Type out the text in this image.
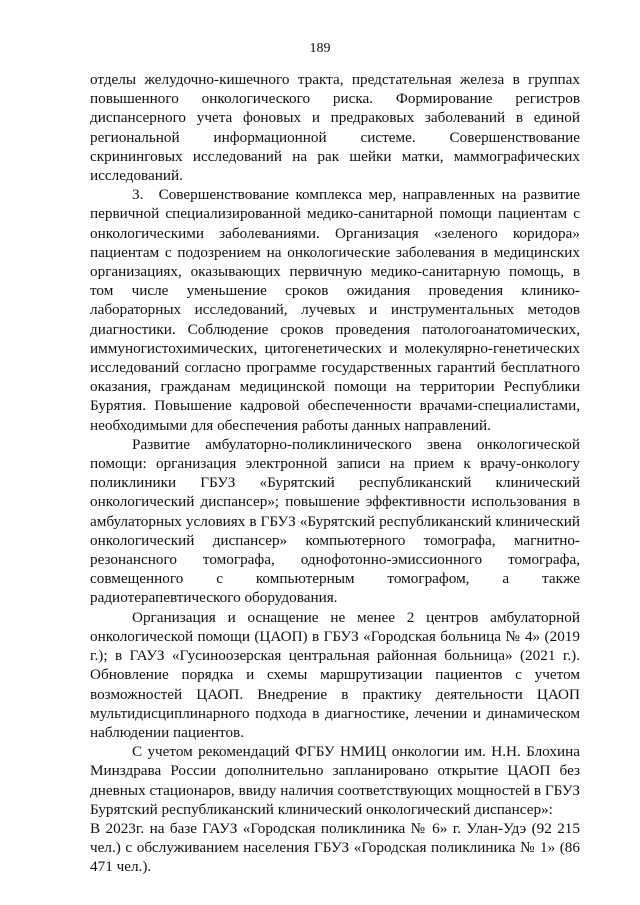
189

отделы желудочно-кишечного тракта, предстательная железа в группах повышенного онкологического риска. Формирование регистров диспансерного учета фоновых и предраковых заболеваний в единой региональной информационной системе. Совершенствование скрининговых исследований на рак шейки матки, маммографических исследований.

3. Совершенствование комплекса мер, направленных на развитие первичной специализированной медико-санитарной помощи пациентам с онкологическими заболеваниями. Организация «зеленого коридора» пациентам с подозрением на онкологические заболевания в медицинских организациях, оказывающих первичную медико-санитарную помощь, в том числе уменьшение сроков ожидания проведения клинико-лабораторных исследований, лучевых и инструментальных методов диагностики. Соблюдение сроков проведения патологоанатомических, иммуногистохимических, цитогенетических и молекулярно-генетических исследований согласно программе государственных гарантий бесплатного оказания, гражданам медицинской помощи на территории Республики Бурятия. Повышение кадровой обеспеченности врачами-специалистами, необходимыми для обеспечения работы данных направлений.

Развитие амбулаторно-поликлинического звена онкологической помощи: организация электронной записи на прием к врачу-онкологу поликлиники ГБУЗ «Бурятский республиканский клинический онкологический диспансер»; повышение эффективности использования в амбулаторных условиях в ГБУЗ «Бурятский республиканский клинический онкологический диспансер» компьютерного томографа, магнитно-резонансного томографа, однофотонно-эмиссионного томографа, совмещенного с компьютерным томографом, а также радиотерапевтического оборудования.

Организация и оснащение не менее 2 центров амбулаторной онкологической помощи (ЦАОП) в ГБУЗ «Городская больница № 4» (2019 г.); в ГАУЗ «Гусиноозерская центральная районная больница» (2021 г.). Обновление порядка и схемы маршрутизации пациентов с учетом возможностей ЦАОП. Внедрение в практику деятельности ЦАОП мультидисциплинарного подхода в диагностике, лечении и динамическом наблюдении пациентов.

С учетом рекомендаций ФГБУ НМИЦ онкологии им. Н.Н. Блохина Минздрава России дополнительно запланировано открытие ЦАОП без дневных стационаров, ввиду наличия соответствующих мощностей в ГБУЗ Бурятский республиканский клинический онкологический диспансер»:

В 2023г. на базе ГАУЗ «Городская поликлиника № 6» г. Улан-Удэ (92 215 чел.) с обслуживанием населения ГБУЗ «Городская поликлиника № 1» (86 471 чел.).
